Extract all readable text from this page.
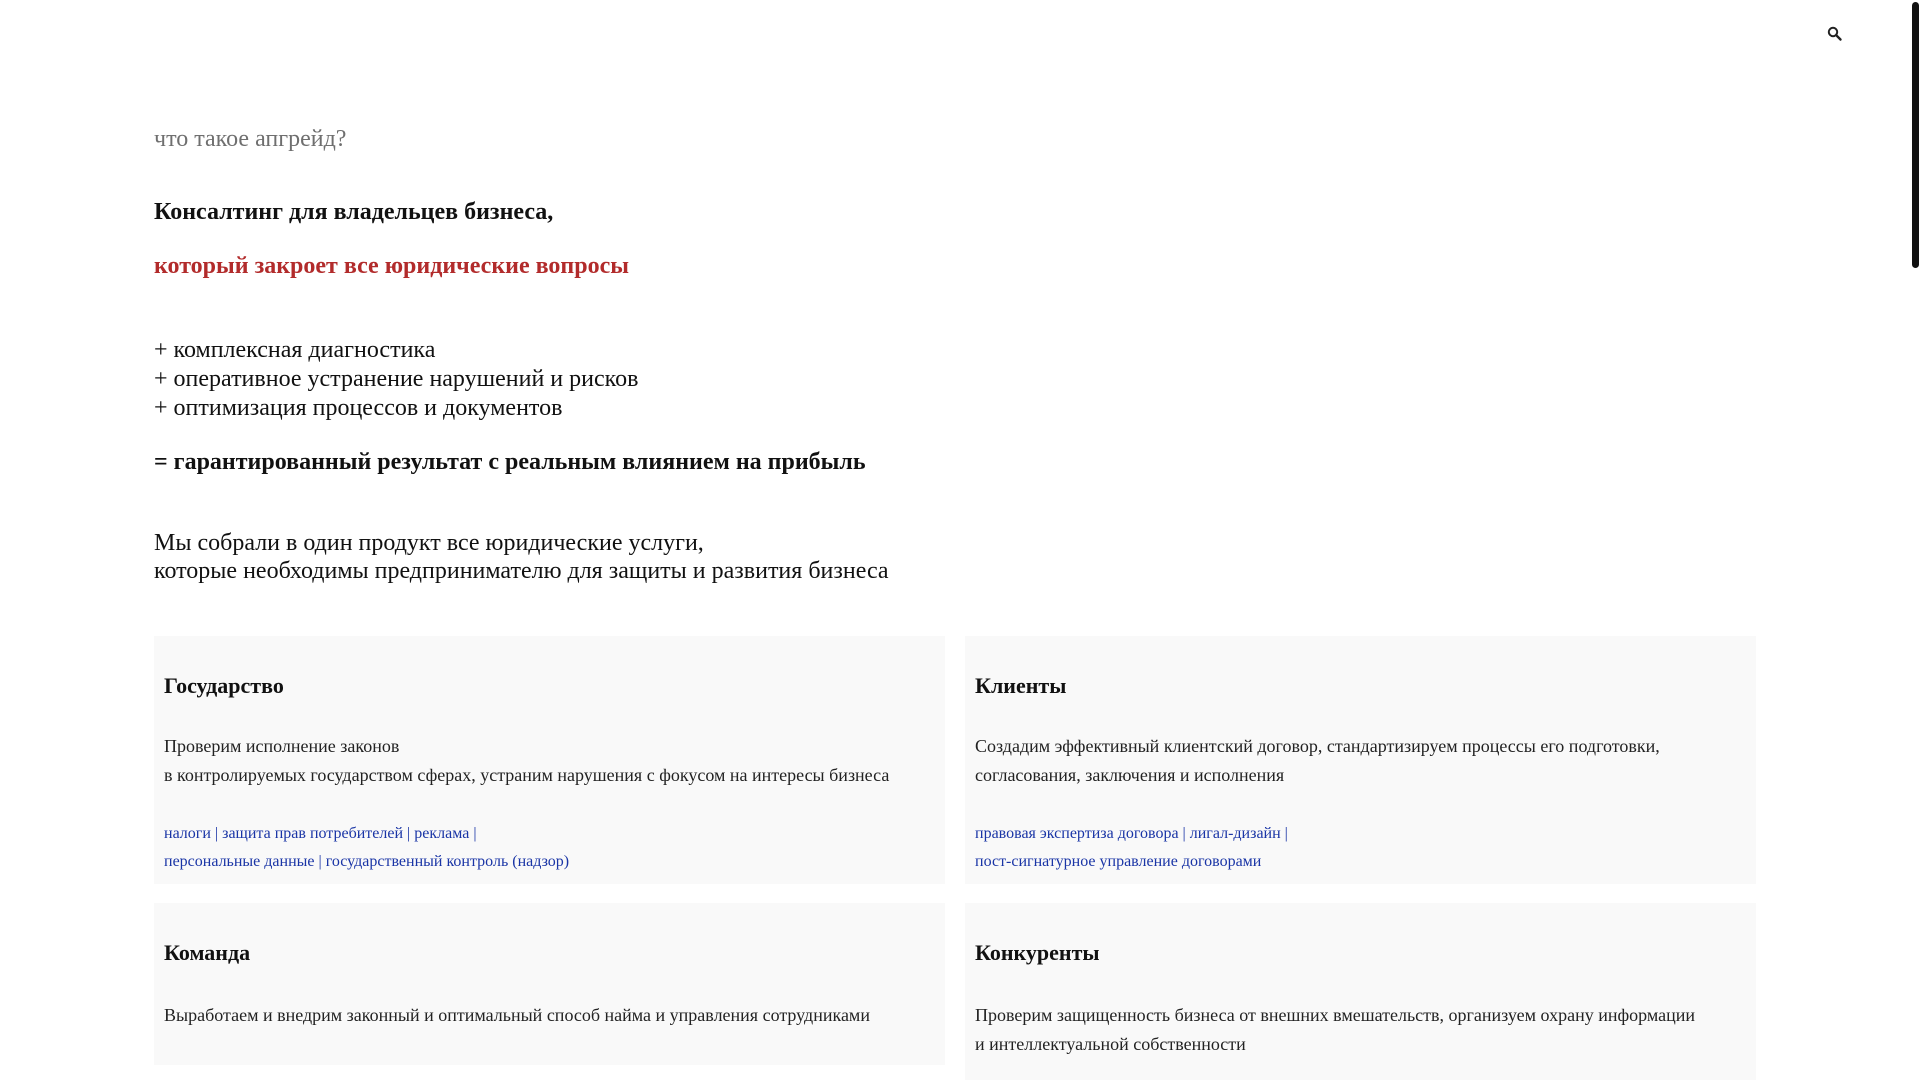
что такое апгрейд?
Консалтинг для владельцев бизнеса,
который закроет все юридические вопросы
+ комплексная диагностика
+ оперативное устранение нарушений и рисков
+ оптимизация процессов и документов
= гарантированный результат с реальным влиянием на прибыль
Мы собрали в один продукт все юридические услуги,
которые необходимы предпринимателю для защиты и развития бизнеса
Государство
Проверим исполнение законов
в контролируемых государством сферах, устраним нарушения с фокусом на интересы бизнеса
налоги | защита прав потребителей | реклама |
персональные данные | государственный контроль (надзор)
Клиенты
Создадим эффективный клиентский договор, стандартизируем процессы его подготовки,
согласования, заключения и исполнения
правовая экспертиза договора | лигал-дизайн |
пост-сигнатурное управление договорами
Команда
Выработаем и внедрим законный и оптимальный способ найма и управления сотрудниками
Конкуренты
Проверим защищенность бизнеса от внешних вмешательств, организуем охрану информации
и интеллектуальной собственности
